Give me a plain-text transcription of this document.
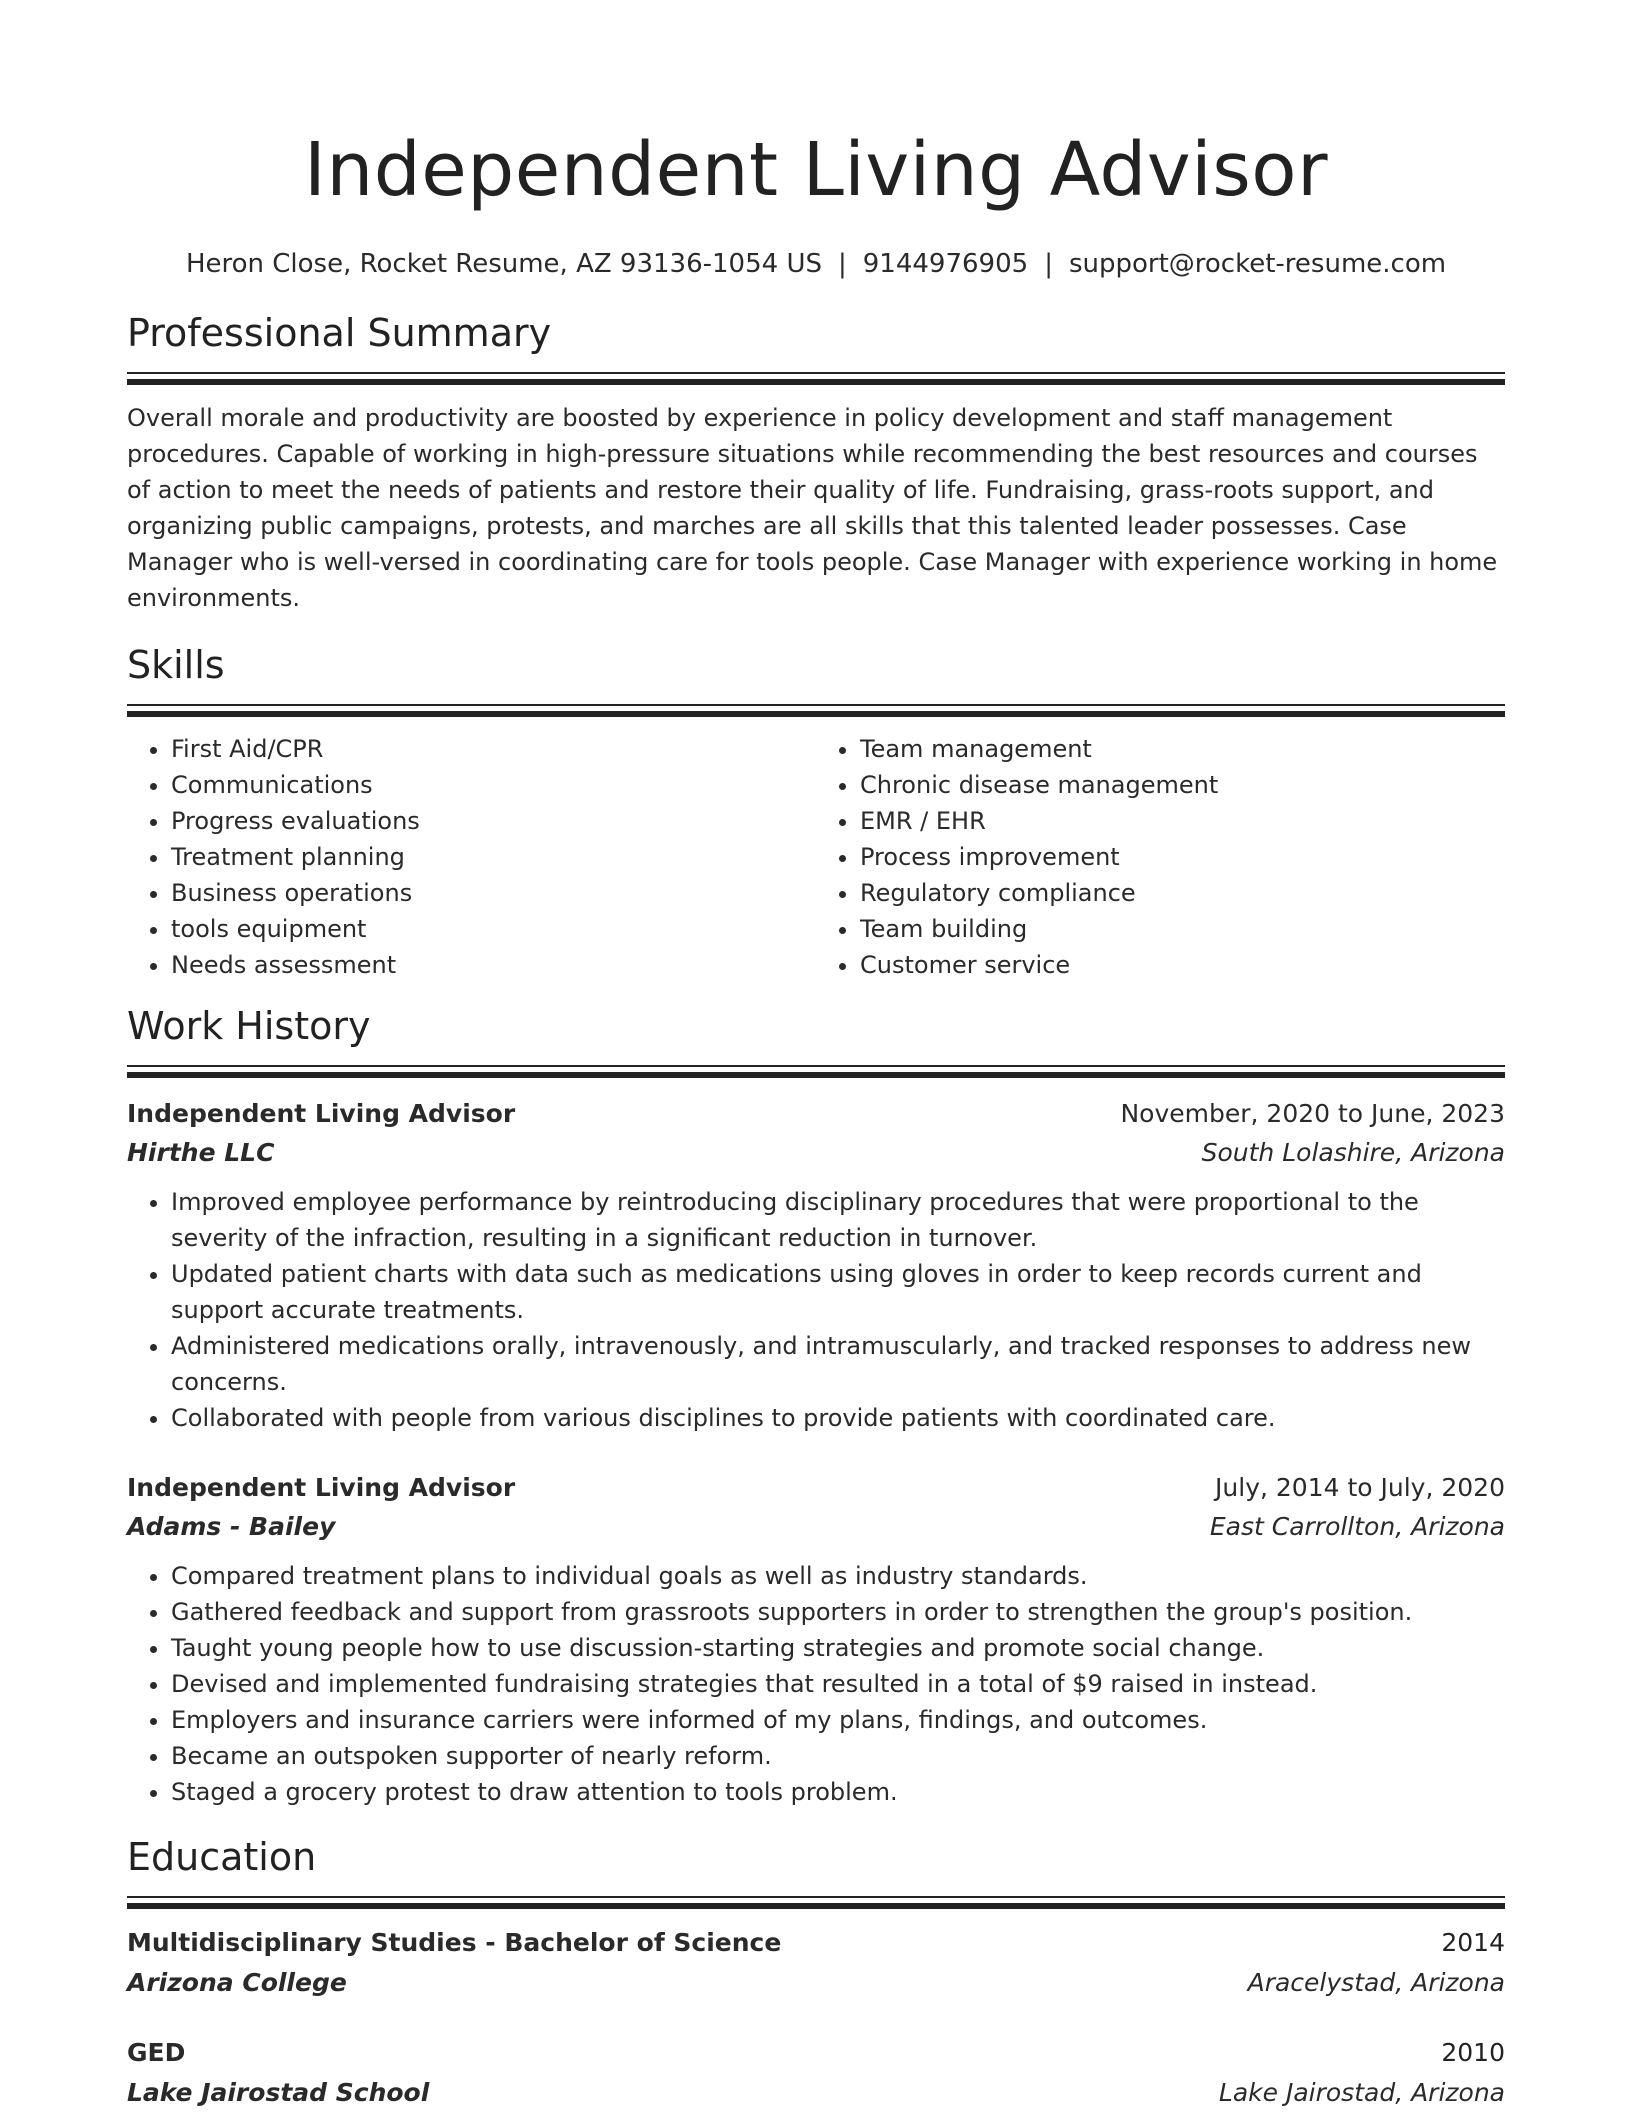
Independent Living Advisor
Heron Close, Rocket Resume, AZ 93136-1054 US | 9144976905 | support@rocket-resume.com
Professional Summary
Overall morale and productivity are boosted by experience in policy development and staff management procedures. Capable of working in high-pressure situations while recommending the best resources and courses of action to meet the needs of patients and restore their quality of life. Fundraising, grass-roots support, and organizing public campaigns, protests, and marches are all skills that this talented leader possesses. Case Manager who is well-versed in coordinating care for tools people. Case Manager with experience working in home environments.
Skills
• First Aid/CPR
• Communications
• Progress evaluations
• Treatment planning
• Business operations
• tools equipment
• Needs assessment
• Team management
• Chronic disease management
• EMR / EHR
• Process improvement
• Regulatory compliance
• Team building
• Customer service
Work History
Independent Living Advisor	November, 2020 to June, 2023
Hirthe LLC	South Lolashire, Arizona
• Improved employee performance by reintroducing disciplinary procedures that were proportional to the severity of the infraction, resulting in a significant reduction in turnover.
• Updated patient charts with data such as medications using gloves in order to keep records current and support accurate treatments.
• Administered medications orally, intravenously, and intramuscularly, and tracked responses to address new concerns.
• Collaborated with people from various disciplines to provide patients with coordinated care.
Independent Living Advisor	July, 2014 to July, 2020
Adams - Bailey	East Carrollton, Arizona
• Compared treatment plans to individual goals as well as industry standards.
• Gathered feedback and support from grassroots supporters in order to strengthen the group's position.
• Taught young people how to use discussion-starting strategies and promote social change.
• Devised and implemented fundraising strategies that resulted in a total of $9 raised in instead.
• Employers and insurance carriers were informed of my plans, findings, and outcomes.
• Became an outspoken supporter of nearly reform.
• Staged a grocery protest to draw attention to tools problem.
Education
Multidisciplinary Studies - Bachelor of Science	2014
Arizona College	Aracelystad, Arizona
GED	2010
Lake Jairostad School	Lake Jairostad, Arizona
